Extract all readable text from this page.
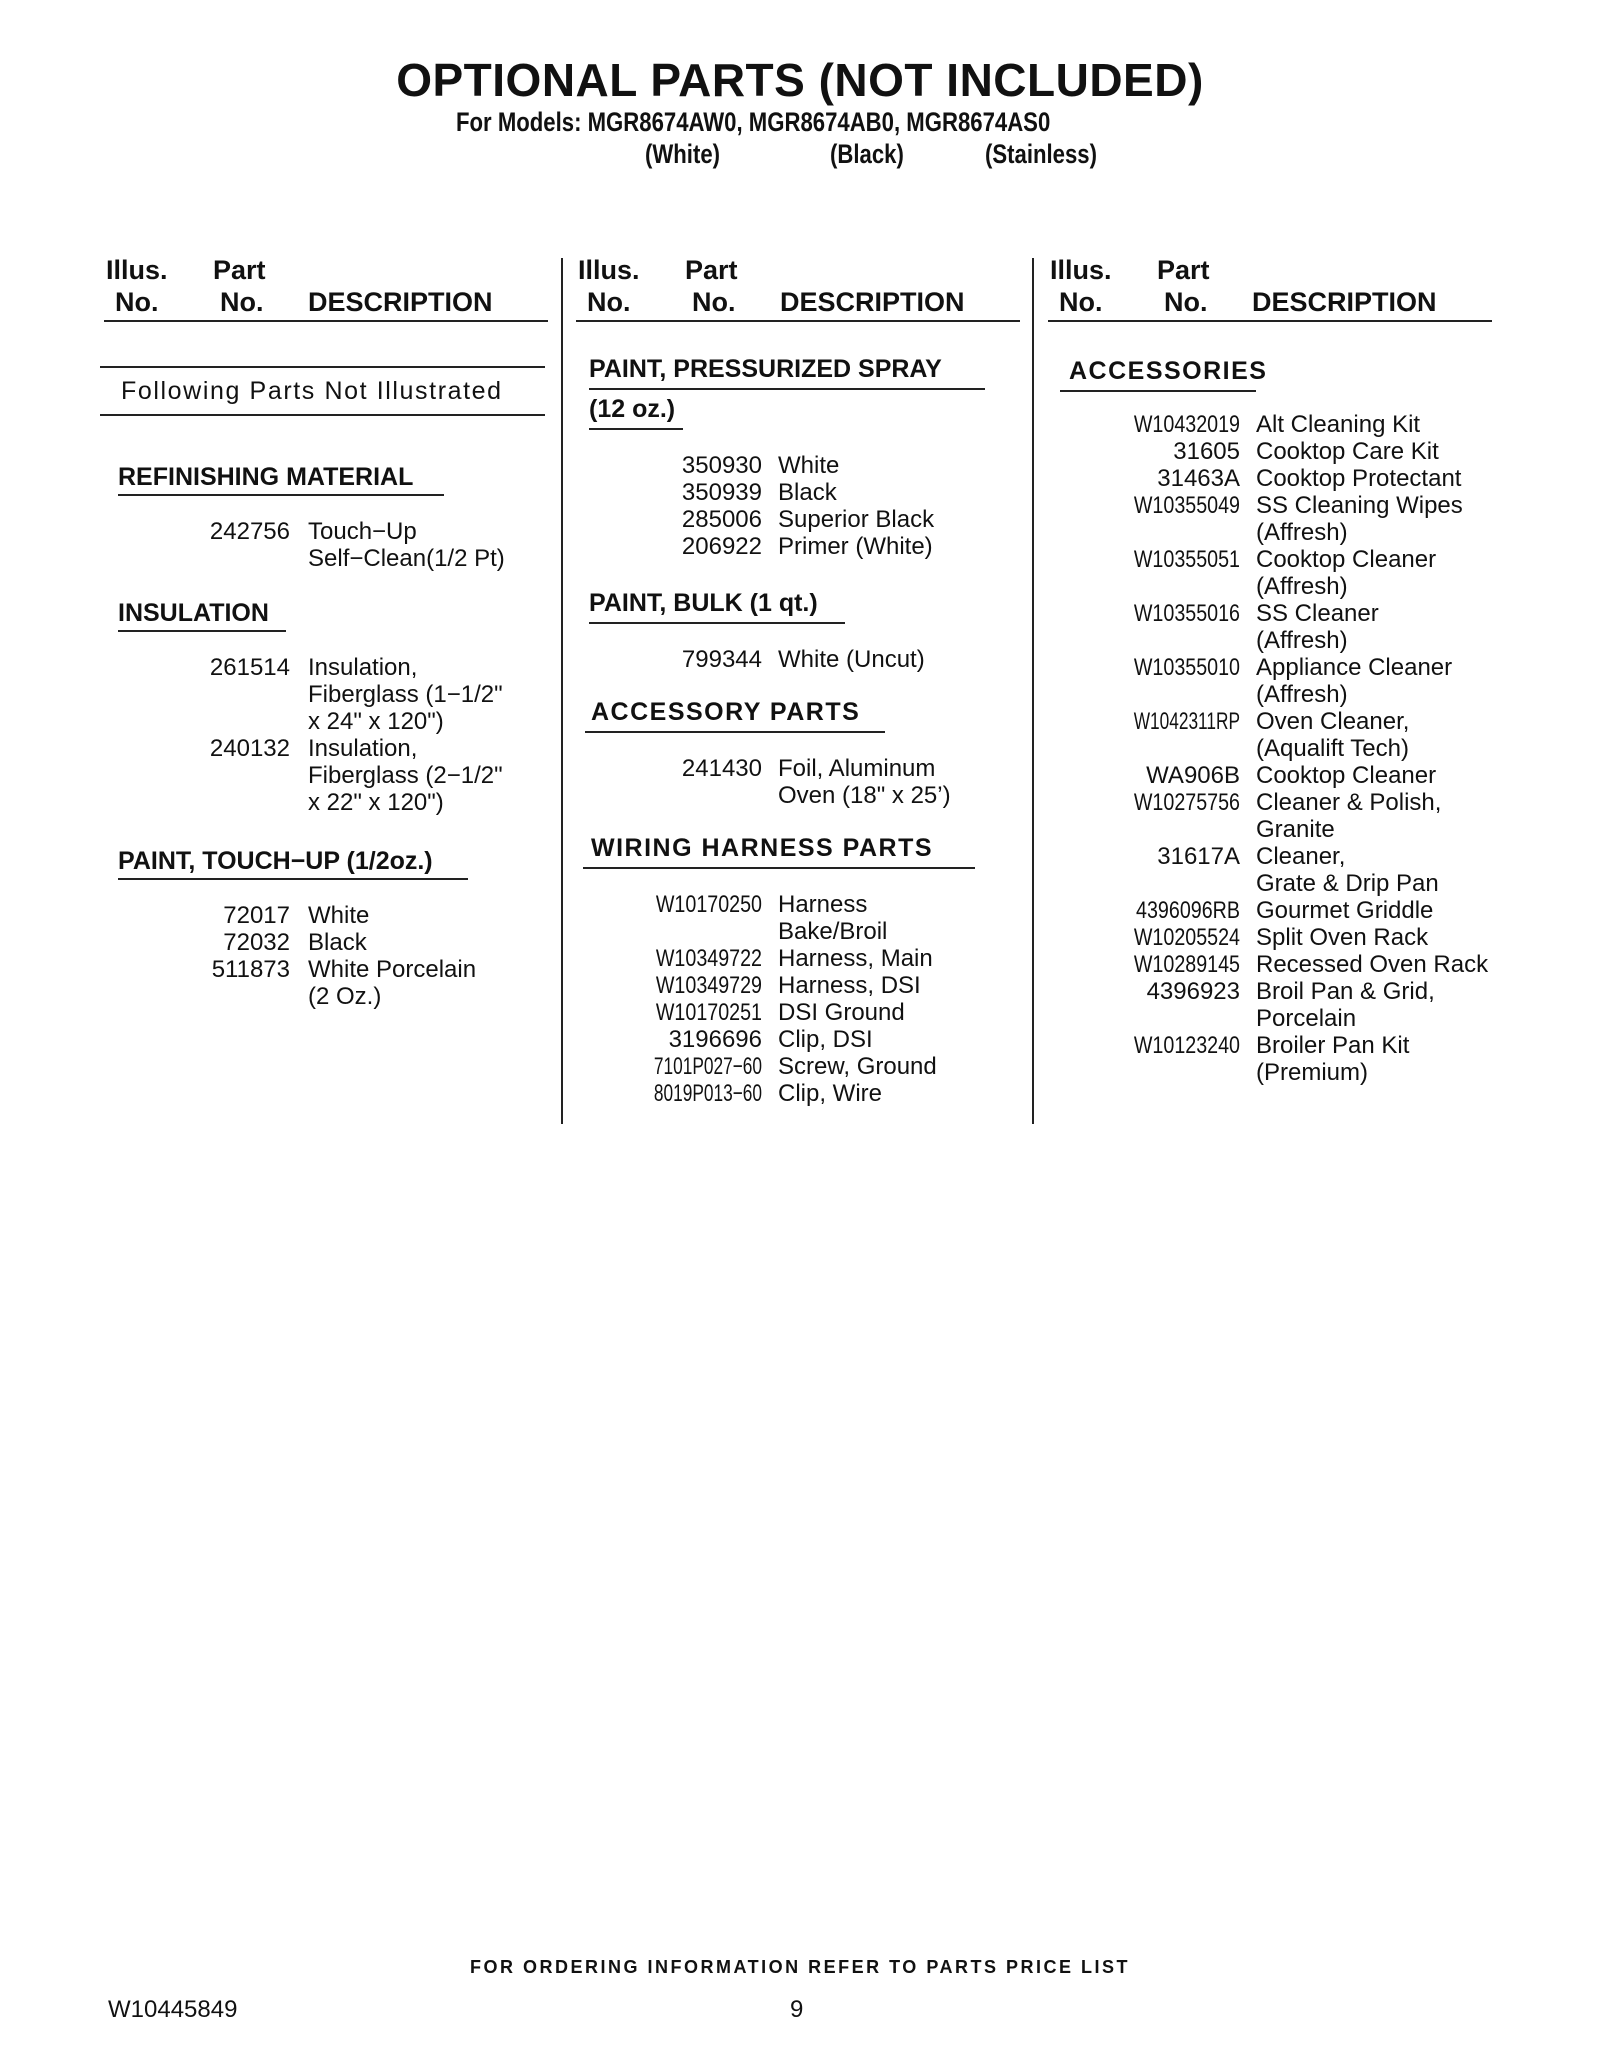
OPTIONAL PARTS (NOT INCLUDED)
For Models: MGR8674AW0, MGR8674AB0, MGR8674AS0
(White)	(Black)	(Stainless)
Illus. Part
No. No. DESCRIPTION
Illus. Part
No. No. DESCRIPTION
Illus. Part
No. No. DESCRIPTION
Following Parts Not Illustrated
REFINISHING MATERIAL
242756 Touch−Up
Self−Clean(1/2 Pt)
INSULATION
261514 Insulation,
Fiberglass (1−1/2"
x 24" x 120")
240132 Insulation,
Fiberglass (2−1/2"
x 22" x 120")
PAINT, TOUCH−UP (1/2oz.)
72017 White
72032 Black
511873 White Porcelain
(2 Oz.)
PAINT, PRESSURIZED SPRAY
(12 oz.)
350930 White
350939 Black
285006 Superior Black
206922 Primer (White)
PAINT, BULK (1 qt.)
799344 White (Uncut)
ACCESSORY PARTS
241430 Foil, Aluminum
Oven (18" x 25’)
WIRING HARNESS PARTS
W10170250 Harness
Bake/Broil
W10349722 Harness, Main
W10349729 Harness, DSI
W10170251 DSI Ground
3196696 Clip, DSI
7101P027−60 Screw, Ground
8019P013−60 Clip, Wire
ACCESSORIES
W10432019 Alt Cleaning Kit
31605 Cooktop Care Kit
31463A Cooktop Protectant
W10355049 SS Cleaning Wipes
(Affresh)
W10355051 Cooktop Cleaner
(Affresh)
W10355016 SS Cleaner
(Affresh)
W10355010 Appliance Cleaner
(Affresh)
W1042311RP Oven Cleaner,
(Aqualift Tech)
WA906B Cooktop Cleaner
W10275756 Cleaner & Polish,
Granite
31617A Cleaner,
Grate & Drip Pan
4396096RB Gourmet Griddle
W10205524 Split Oven Rack
W10289145 Recessed Oven Rack
4396923 Broil Pan & Grid,
Porcelain
W10123240 Broiler Pan Kit
(Premium)
FOR ORDERING INFORMATION REFER TO PARTS PRICE LIST
W10445849	9
